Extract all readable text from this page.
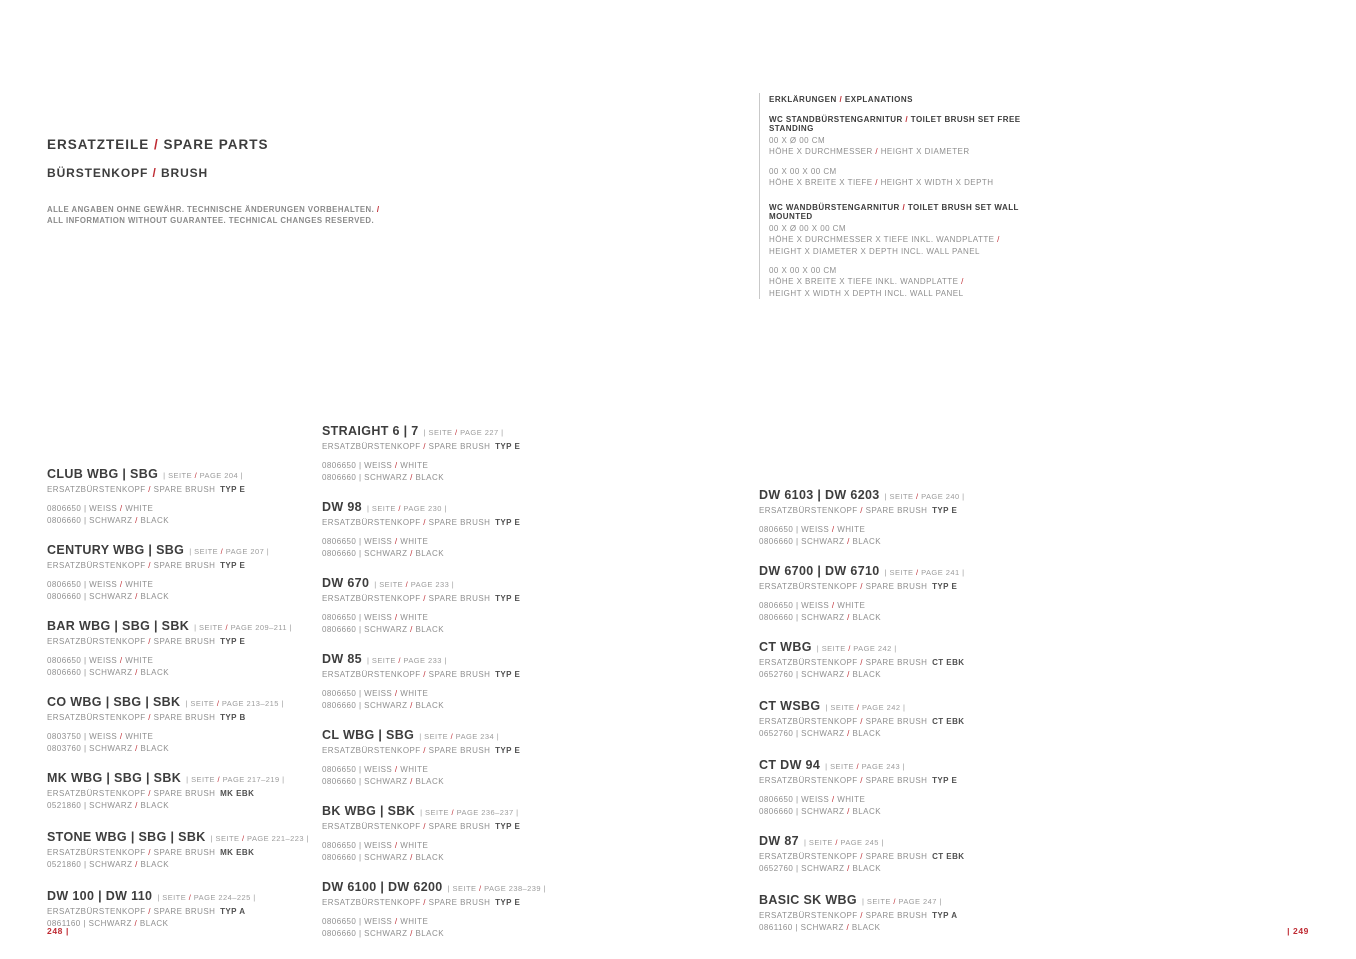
ERSATZTEILE / SPARE PARTS
BÜRSTENKOPF / BRUSH

ALLE ANGABEN OHNE GEWÄHR. TECHNISCHE ÄNDERUNGEN VORBEHALTEN. /

ALL INFORMATION WITHOUT GUARANTEE. TECHNICAL CHANGES RESERVED.

ERKLÄRUNGEN / EXPLANATIONS
WC STANDBÜRSTENGARNITUR / TOILET BRUSH SET FREE STANDING
00 X Ø 00 CM
HÖHE X DURCHMESSER / HEIGHT X DIAMETER
00 X 00 X 00 CM
HÖHE X BREITE X TIEFE / HEIGHT X WIDTH X DEPTH
WC WANDBÜRSTENGARNITUR / TOILET BRUSH SET WALL MOUNTED
00 X Ø 00 X 00 CM
HÖHE X DURCHMESSER X TIEFE INKL. WANDPLATTE /
HEIGHT X DIAMETER X DEPTH INCL. WALL PANEL
00 X 00 X 00 CM
HÖHE X BREITE X TIEFE INKL. WANDPLATTE /
HEIGHT X WIDTH X DEPTH INCL. WALL PANEL
CLUB WBG | SBG | SEITE / PAGE 204 |
ERSATZBÜRSTENKOPF / SPARE BRUSH TYP E
0806650 | WEISS / WHITE
0806660 | SCHWARZ / BLACK
CENTURY WBG | SBG | SEITE / PAGE 207 |
ERSATZBÜRSTENKOPF / SPARE BRUSH TYP E
0806650 | WEISS / WHITE
0806660 | SCHWARZ / BLACK
BAR WBG | SBG | SBK | SEITE / PAGE 209–211 |
ERSATZBÜRSTENKOPF / SPARE BRUSH TYP E
0806650 | WEISS / WHITE
0806660 | SCHWARZ / BLACK
CO WBG | SBG | SBK | SEITE / PAGE 213–215 |
ERSATZBÜRSTENKOPF / SPARE BRUSH TYP B
0803750 | WEISS / WHITE
0803760 | SCHWARZ / BLACK
MK WBG | SBG | SBK | SEITE / PAGE 217–219 |
ERSATZBÜRSTENKOPF / SPARE BRUSH MK EBK
0521860 | SCHWARZ / BLACK
STONE WBG | SBG | SBK | SEITE / PAGE 221–223 |
ERSATZBÜRSTENKOPF / SPARE BRUSH MK EBK
0521860 | SCHWARZ / BLACK
DW 100 | DW 110 | SEITE / PAGE 224–225 |
ERSATZBÜRSTENKOPF / SPARE BRUSH TYP A
0861160 | SCHWARZ / BLACK
STRAIGHT 6 | 7 | SEITE / PAGE 227 |
ERSATZBÜRSTENKOPF / SPARE BRUSH TYP E
0806650 | WEISS / WHITE
0806660 | SCHWARZ / BLACK
DW 98 | SEITE / PAGE 230 |
ERSATZBÜRSTENKOPF / SPARE BRUSH TYP E
0806650 | WEISS / WHITE
0806660 | SCHWARZ / BLACK
DW 670 | SEITE / PAGE 233 |
ERSATZBÜRSTENKOPF / SPARE BRUSH TYP E
0806650 | WEISS / WHITE
0806660 | SCHWARZ / BLACK
DW 85 | SEITE / PAGE 233 |
ERSATZBÜRSTENKOPF / SPARE BRUSH TYP E
0806650 | WEISS / WHITE
0806660 | SCHWARZ / BLACK
CL WBG | SBG | SEITE / PAGE 234 |
ERSATZBÜRSTENKOPF / SPARE BRUSH TYP E
0806650 | WEISS / WHITE
0806660 | SCHWARZ / BLACK
BK WBG | SBK | SEITE / PAGE 236–237 |
ERSATZBÜRSTENKOPF / SPARE BRUSH TYP E
0806650 | WEISS / WHITE
0806660 | SCHWARZ / BLACK
DW 6100 | DW 6200 | SEITE / PAGE 238–239 |
ERSATZBÜRSTENKOPF / SPARE BRUSH TYP E
0806650 | WEISS / WHITE
0806660 | SCHWARZ / BLACK
DW 6103 | DW 6203 | SEITE / PAGE 240 |
ERSATZBÜRSTENKOPF / SPARE BRUSH TYP E
0806650 | WEISS / WHITE
0806660 | SCHWARZ / BLACK
DW 6700 | DW 6710 | SEITE / PAGE 241 |
ERSATZBÜRSTENKOPF / SPARE BRUSH TYP E
0806650 | WEISS / WHITE
0806660 | SCHWARZ / BLACK
CT WBG | SEITE / PAGE 242 |
ERSATZBÜRSTENKOPF / SPARE BRUSH CT EBK
0652760 | SCHWARZ / BLACK
CT WSBG | SEITE / PAGE 242 |
ERSATZBÜRSTENKOPF / SPARE BRUSH CT EBK
0652760 | SCHWARZ / BLACK
CT DW 94 | SEITE / PAGE 243 |
ERSATZBÜRSTENKOPF / SPARE BRUSH TYP E
0806650 | WEISS / WHITE
0806660 | SCHWARZ / BLACK
DW 87 | SEITE / PAGE 245 |
ERSATZBÜRSTENKOPF / SPARE BRUSH CT EBK
0652760 | SCHWARZ / BLACK
BASIC SK WBG | SEITE / PAGE 247 |
ERSATZBÜRSTENKOPF / SPARE BRUSH TYP A
0861160 | SCHWARZ / BLACK
248 |	| 249
